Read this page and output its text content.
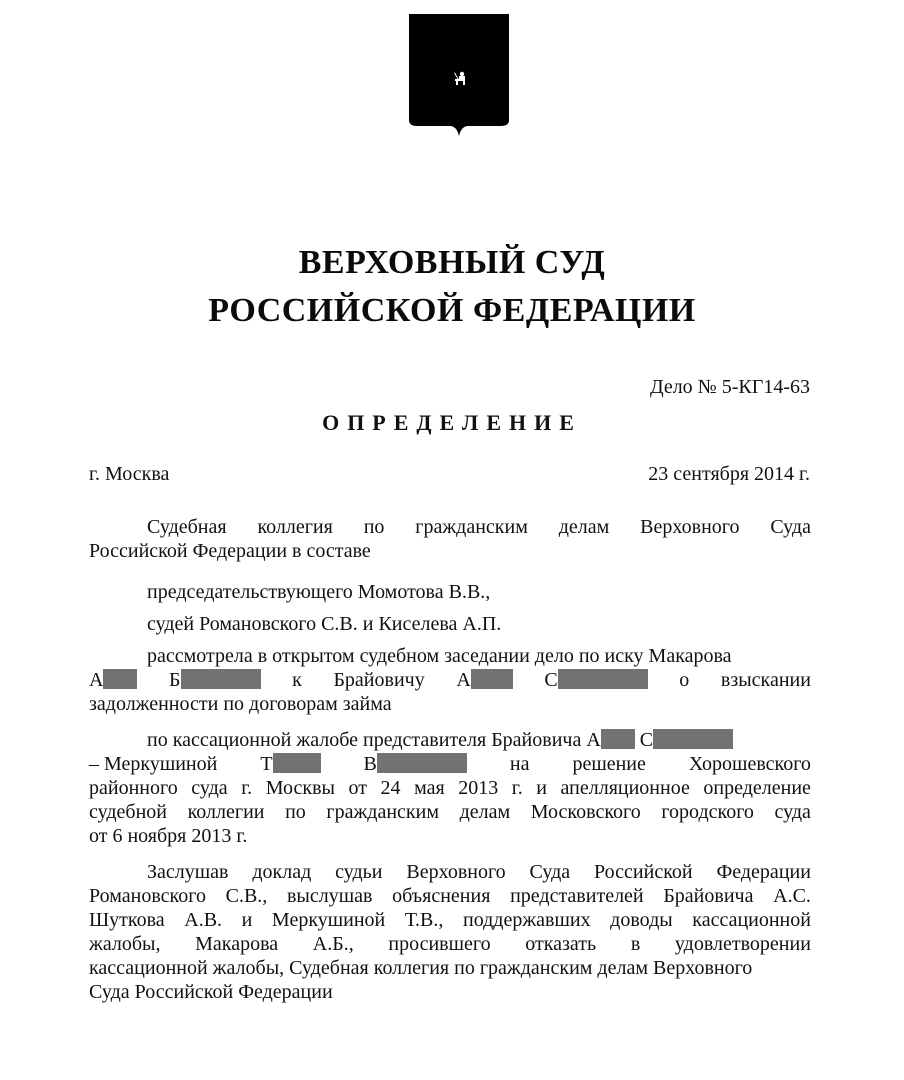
ВЕРХОВНЫЙ СУД
РОССИЙСКОЙ ФЕДЕРАЦИИ
Дело № 5-КГ14-63
ОПРЕДЕЛЕНИЕ
г. Москва	23 сентября 2014 г.
Судебная коллегия по гражданским делам Верховного Суда
Российской Федерации в составе
председательствующего Момотова В.В.,
судей Романовского С.В. и Киселева А.П.
рассмотрела в открытом судебном заседании дело по иску Макарова
А	Б	к Брайовичу А	С	о взыскании
задолженности по договорам займа
по кассационной жалобе представителя Брайовича А С
– Меркушиной Т	В	на решение Хорошевского
районного суда г. Москвы от 24 мая 2013 г. и апелляционное определение
судебной коллегии по гражданским делам Московского городского суда
от 6 ноября 2013 г.
Заслушав доклад судьи Верховного Суда Российской Федерации
Романовского С.В., выслушав объяснения представителей Брайовича А.С.
Шуткова А.В. и Меркушиной Т.В., поддержавших доводы кассационной
жалобы, Макарова А.Б., просившего отказать в удовлетворении
кассационной жалобы, Судебная коллегия по гражданским делам Верховного
Суда Российской Федерации
